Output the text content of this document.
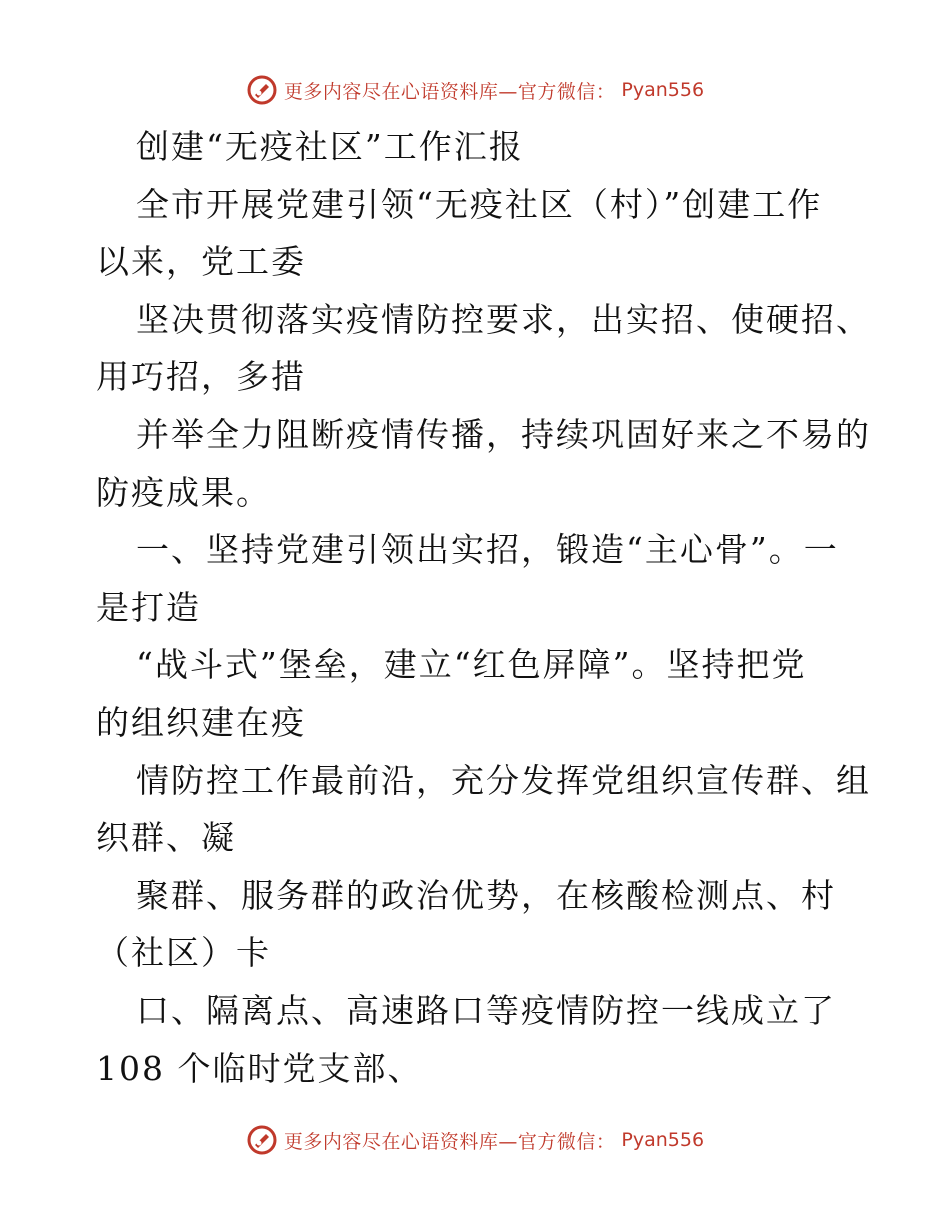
更多内容尽在心语资料库—官方微信： Pyan556
创建“无疫社区”工作汇报
全市开展党建引领“无疫社区（村）”创建工作
以来，党工委
坚决贯彻落实疫情防控要求，出实招、使硬招、
用巧招，多措
并举全力阻断疫情传播，持续巩固好来之不易的
防疫成果。
一、坚持党建引领出实招，锻造“主心骨”。一
是打造
“战斗式”堡垒，建立“红色屏障”。坚持把党
的组织建在疫
情防控工作最前沿，充分发挥党组织宣传群、组
织群、凝
聚群、服务群的政治优势，在核酸检测点、村
（社区）卡
口、隔离点、高速路口等疫情防控一线成立了
108 个临时党支部、
更多内容尽在心语资料库—官方微信： Pyan556
